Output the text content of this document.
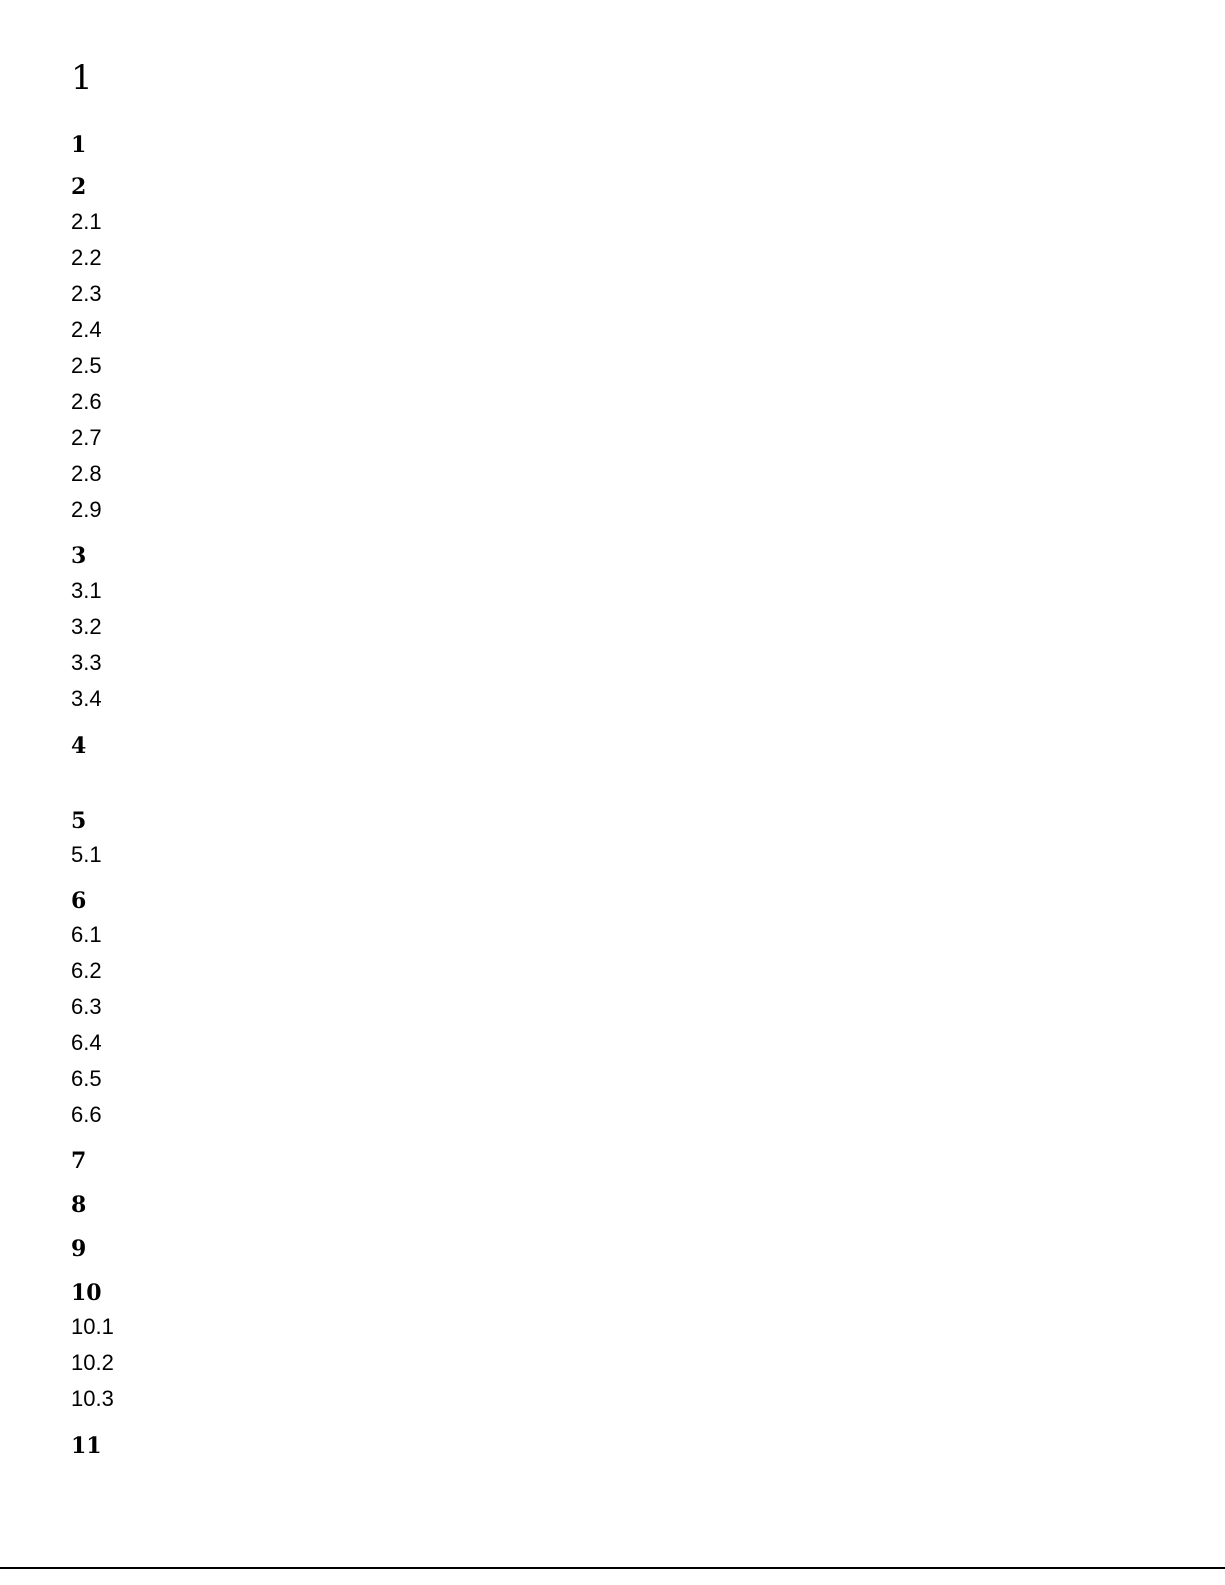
1
1
2
2.1
2.2
2.3
2.4
2.5
2.6
2.7
2.8
2.9
3
3.1
3.2
3.3
3.4
4
5
5.1
6
6.1
6.2
6.3
6.4
6.5
6.6
7
8
9
10
10.1
10.2
10.3
11
